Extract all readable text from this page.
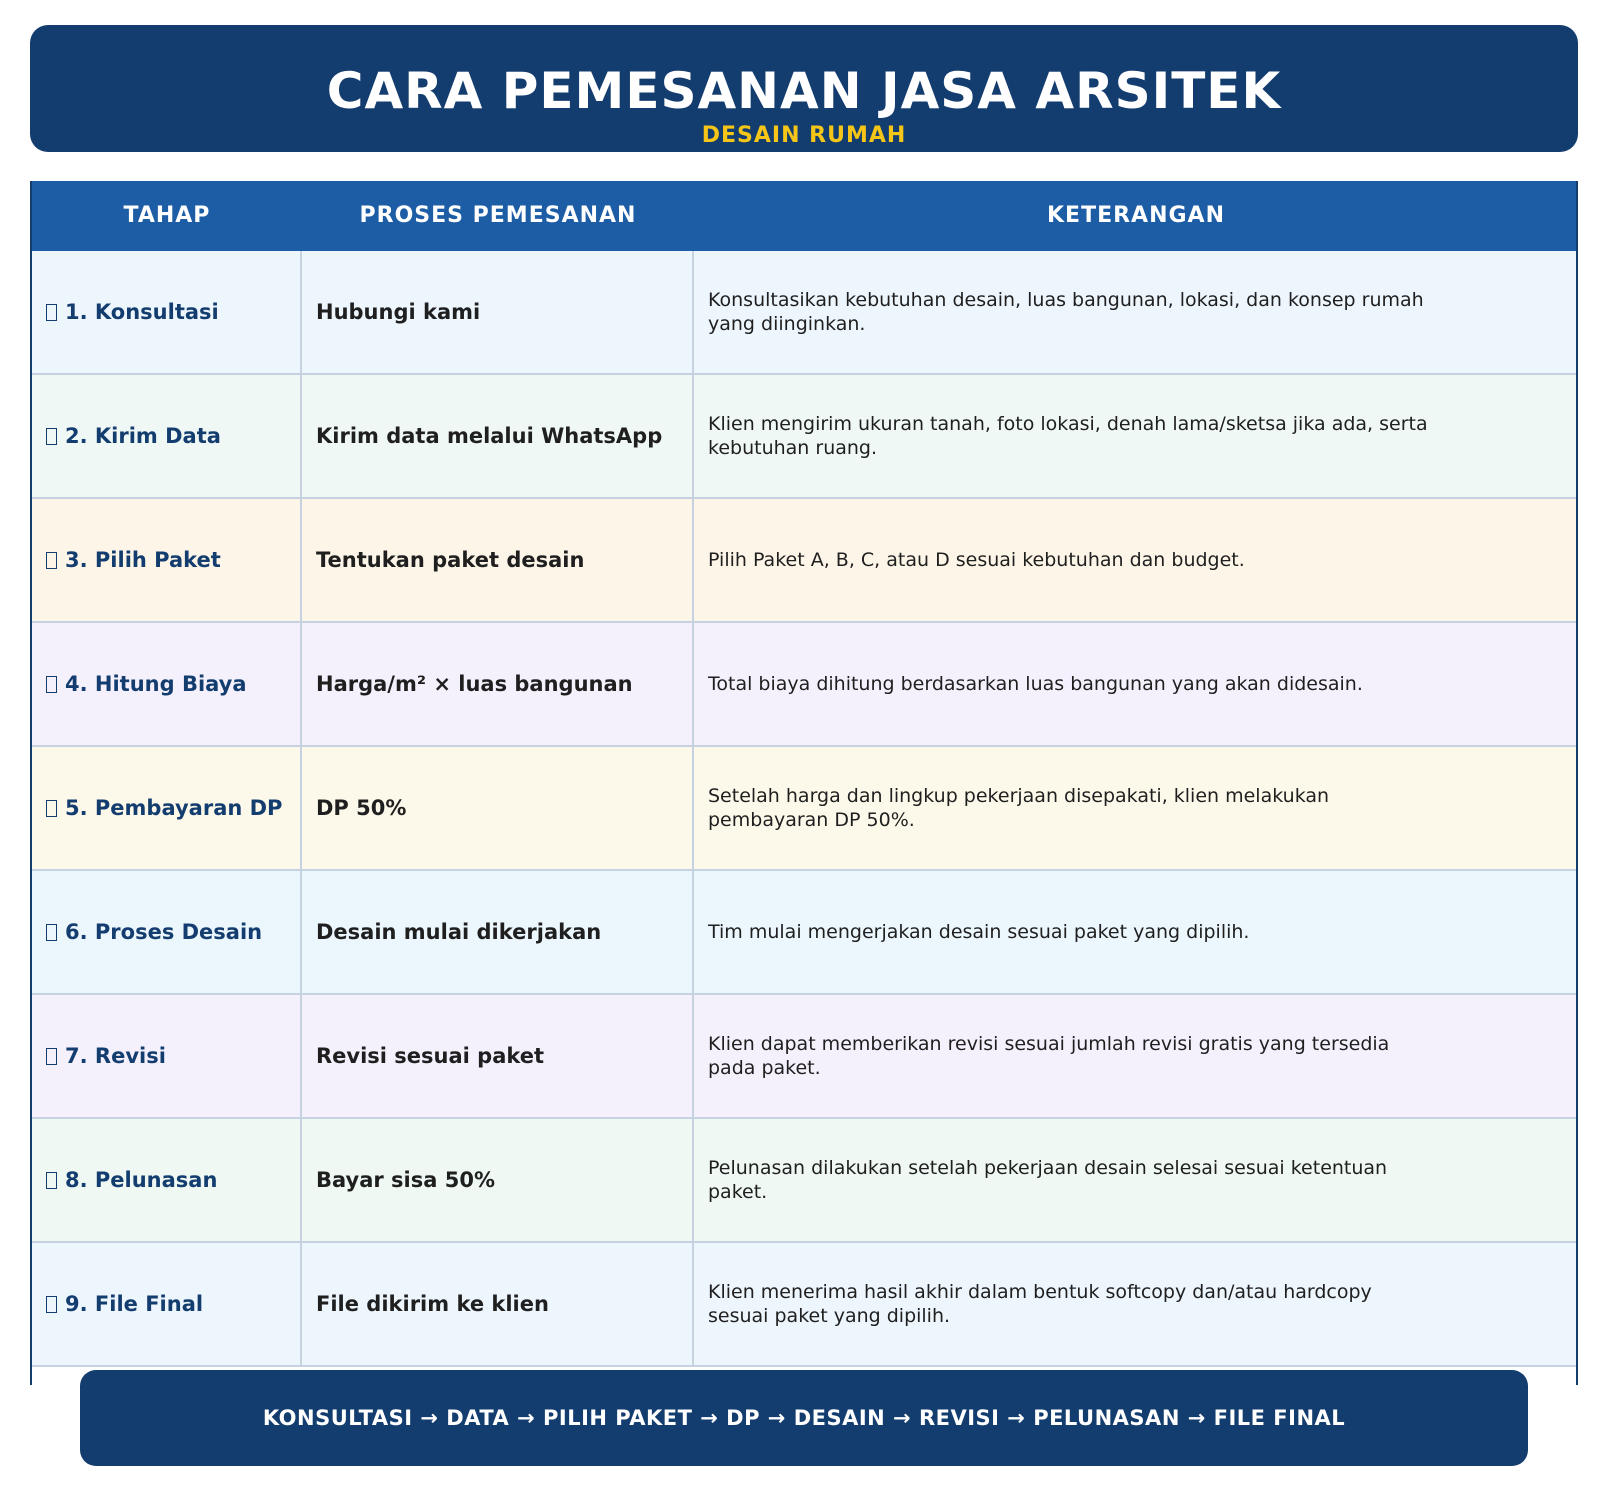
CARA PEMESANAN JASA ARSITEK
DESAIN RUMAH
TAHAP	PROSES PEMESANAN	KETERANGAN
1. Konsultasi	Hubungi kami	Konsultasikan kebutuhan desain, luas bangunan, lokasi, dan konsep rumah yang diinginkan.
2. Kirim Data	Kirim data melalui WhatsApp	Klien mengirim ukuran tanah, foto lokasi, denah lama/sketsa jika ada, serta kebutuhan ruang.
3. Pilih Paket	Tentukan paket desain	Pilih Paket A, B, C, atau D sesuai kebutuhan dan budget.
4. Hitung Biaya	Harga/m² × luas bangunan	Total biaya dihitung berdasarkan luas bangunan yang akan didesain.
5. Pembayaran DP	DP 50%	Setelah harga dan lingkup pekerjaan disepakati, klien melakukan pembayaran DP 50%.
6. Proses Desain	Desain mulai dikerjakan	Tim mulai mengerjakan desain sesuai paket yang dipilih.
7. Revisi	Revisi sesuai paket	Klien dapat memberikan revisi sesuai jumlah revisi gratis yang tersedia pada paket.
8. Pelunasan	Bayar sisa 50%	Pelunasan dilakukan setelah pekerjaan desain selesai sesuai ketentuan paket.
9. File Final	File dikirim ke klien	Klien menerima hasil akhir dalam bentuk softcopy dan/atau hardcopy sesuai paket yang dipilih.
KONSULTASI → DATA → PILIH PAKET → DP → DESAIN → REVISI → PELUNASAN → FILE FINAL
